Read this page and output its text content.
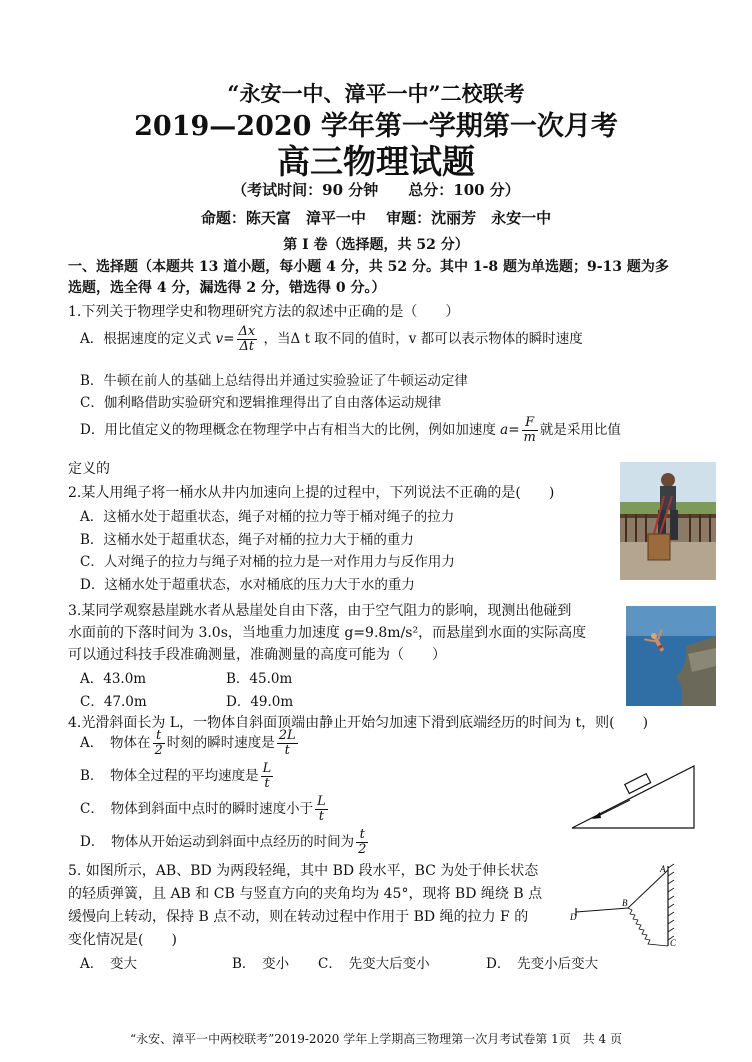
“永安一中、漳平一中”二校联考
2019—2020 学年第一学期第一次月考
高三物理试题
（考试时间：90 分钟　　总分：100 分）
命题：陈天富　漳平一中　 审题：沈丽芳　永安一中
第 I 卷（选择题，共 52 分）
一、选择题（本题共 13 道小题，每小题 4 分，共 52 分。其中 1-8 题为单选题；9-13 题为多
选题，选全得 4 分，漏选得 2 分，错选得 0 分。）
1.下列关于物理学史和物理研究方法的叙述中正确的是（　　）
A．根据速度的定义式 $v= \frac{\Delta x}{\Delta t}$ ，当Δ t 取不同的值时，v 都可以表示物体的瞬时速度
B．牛顿在前人的基础上总结得出并通过实验验证了牛顿运动定律
C．伽利略借助实验研究和逻辑推理得出了自由落体运动规律
D．用比值定义的物理概念在物理学中占有相当大的比例，例如加速度 $a= \frac{F}{m}$ 就是采用比值
定义的
2.某人用绳子将一桶水从井内加速向上提的过程中，下列说法不正确的是(　　)
A．这桶水处于超重状态，绳子对桶的拉力等于桶对绳子的拉力
B．这桶水处于超重状态，绳子对桶的拉力大于桶的重力
C．人对绳子的拉力与绳子对桶的拉力是一对作用力与反作用力
D．这桶水处于超重状态，水对桶底的压力大于水的重力
3.某同学观察悬崖跳水者从悬崖处自由下落，由于空气阻力的影响，现测出他碰到
水面前的下落时间为 3.0s，当地重力加速度 g=9.8m/s²，而悬崖到水面的实际高度
可以通过科技手段准确测量，准确测量的高度可能为（　　）
A．43.0m	B．45.0m
C．47.0m	D．49.0m
4.光滑斜面长为 L，一物体自斜面顶端由静止开始匀加速下滑到底端经历的时间为 t，则(　　)
A．　物体在 $\frac{t}{2}$ 时刻的瞬时速度是 $\frac{2L}{t}$
B．　物体全过程的平均速度是 $\frac{L}{t}$
C．　物体到斜面中点时的瞬时速度小于 $\frac{L}{t}$
D．　物体从开始运动到斜面中点经历的时间为 $\frac{t}{2}$
5. 如图所示，AB、BD 为两段轻绳，其中 BD 段水平，BC 为处于伸长状态
的轻质弹簧，且 AB 和 CB 与竖直方向的夹角均为 45°，现将 BD 绳绕 B 点
缓慢向上转动，保持 B 点不动，则在转动过程中作用于 BD 绳的拉力 F 的
变化情况是(　　)
A．　变大	B．　变小 C．　先变大后变小	D．　先变小后变大
A
B
C
D
“永安、漳平一中两校联考”2019-2020 学年上学期高三物理第一次月考试卷第 1页　共 4 页
